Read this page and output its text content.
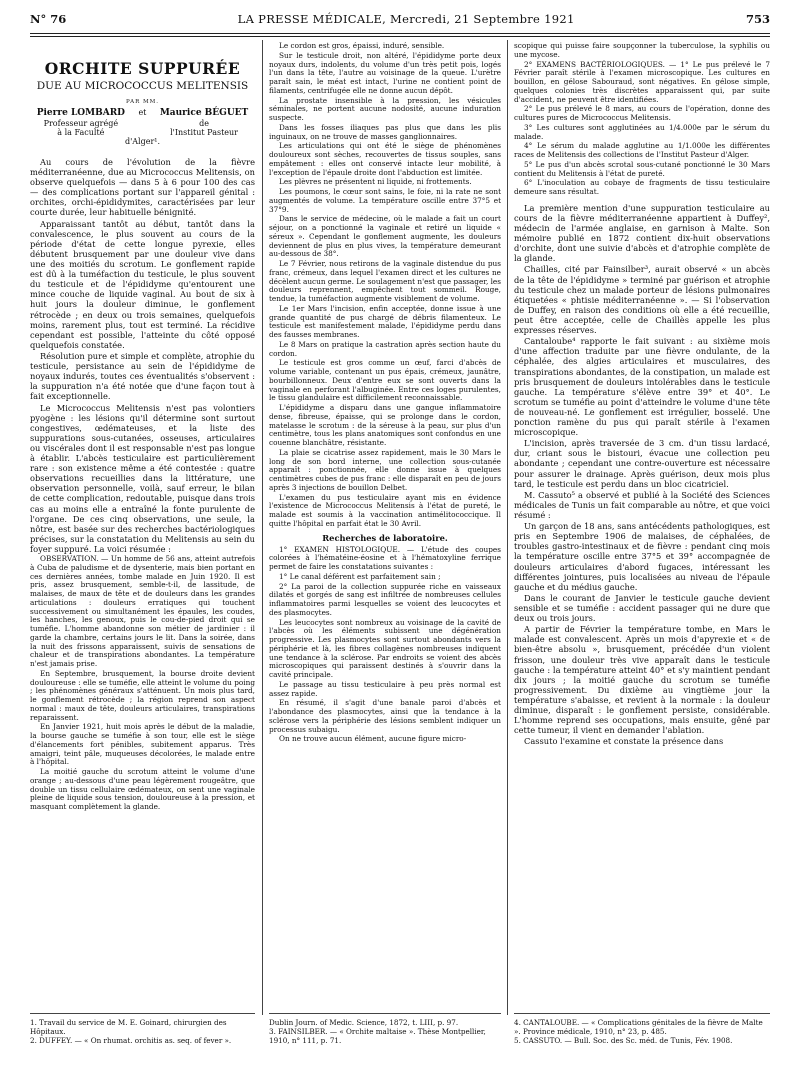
N° 76	LA PRESSE MÉDICALE, Mercredi, 21 Septembre 1921	753
ORCHITE SUPPURÉE
DUE AU MICROCOCCUS MELITENSIS
PAR MM.
Pierre LOMBARD
Professeur agrégé
à la Faculté
et Maurice BÉGUET
de
l'Institut Pasteur
d'Alger¹.

Au cours de l'évolution de la fièvre méditerranéenne, due au Micrococcus Melitensis, on observe quelquefois — dans 5 à 6 pour 100 des cas — des complications portant sur l'appareil génital : orchites, orchi-épididymites, caractérisées par leur courte durée, leur habituelle bénignité.

Apparaissant tantôt au début, tantôt dans la convalescence, le plus souvent au cours de la période d'état de cette longue pyrexie, elles débutent brusquement par une douleur vive dans une des moitiés du scrotum. Le gonflement rapide est dû à la tuméfaction du testicule, le plus souvent du testicule et de l'épididyme qu'entourent une mince couche de liquide vaginal. Au bout de six à huit jours la douleur diminue, le gonflement rétrocède ; en deux ou trois semaines, quelquefois moins, rarement plus, tout est terminé. La récidive cependant est possible, l'atteinte du côté opposé quelquefois constatée.

Résolution pure et simple et complète, atrophie du testicule, persistance au sein de l'épididyme de noyaux indurés, toutes ces éventualités s'observent : la suppuration n'a été notée que d'une façon tout à fait exceptionnelle.

Le Micrococcus Melitensis n'est pas volontiers pyogène : les lésions qu'il détermine sont surtout congestives, œdémateuses, et la liste des suppurations sous-cutanées, osseuses, articulaires ou viscérales dont il est responsable n'est pas longue à établir. L'abcès testiculaire est particulièrement rare : son existence même a été contestée : quatre observations recueillies dans la littérature, une observation personnelle, voilà, sauf erreur, le bilan de cette complication, redoutable, puisque dans trois cas au moins elle a entraîné la fonte purulente de l'organe. De ces cinq observations, une seule, la nôtre, est basée sur des recherches bactériologiques précises, sur la constatation du Melitensis au sein du foyer suppuré. La voici résumée :

OBSERVATION. — Un homme de 56 ans, atteint autrefois à Cuba de paludisme et de dysenterie, mais bien portant en ces dernières années, tombe malade en Juin 1920. Il est pris, assez brusquement, semble-t-il, de lassitude, de malaises, de maux de tête et de douleurs dans les grandes articulations : douleurs erratiques qui touchent successivement ou simultanément les épaules, les coudes, les hanches, les genoux, puis le cou-de-pied droit qui se tuméfie. L'homme abandonne son métier de jardinier : il garde la chambre, certains jours le lit. Dans la soirée, dans la nuit des frissons apparaissent, suivis de sensations de chaleur et de transpirations abondantes. La température n'est jamais prise.

En Septembre, brusquement, la bourse droite devient douloureuse : elle se tuméfie, elle atteint le volume du poing ; les phénomènes généraux s'atténuent. Un mois plus tard, le gonflement rétrocède ; la région reprend son aspect normal : maux de tête, douleurs articulaires, transpirations reparaissent.

En Janvier 1921, huit mois après le début de la maladie, la bourse gauche se tuméfie à son tour, elle est le siège d'élancements fort pénibles, subitement apparus. Très amaigri, teint pâle, muqueuses décolorées, le malade entre à l'hôpital.

La moitié gauche du scrotum atteint le volume d'une orange ; au-dessous d'une peau légèrement rougeâtre, que double un tissu cellulaire œdémateux, on sent une vaginale pleine de liquide sous tension, douloureuse à la pression, et masquant complètement la glande.

Le cordon est gros, épaissi, induré, sensible.

Sur le testicule droit, non altéré, l'épididyme porte deux noyaux durs, indolents, du volume d'un très petit pois, logés l'un dans la tête, l'autre au voisinage de la queue. L'urètre paraît sain, le méat est intact, l'urine ne contient point de filaments, centrifugée elle ne donne aucun dépôt.

La prostate insensible à la pression, les vésicules séminales, ne portent aucune nodosité, aucune induration suspecte.

Dans les fosses iliaques pas plus que dans les plis inguinaux, on ne trouve de masses ganglionnaires.

Les articulations qui ont été le siège de phénomènes douloureux sont sèches, recouvertes de tissus souples, sans empâtement : elles ont conservé intacte leur mobilité, à l'exception de l'épaule droite dont l'abduction est limitée.

Les plèvres ne présentent ni liquide, ni frottements.

Les poumons, le cœur sont sains, le foie, ni la rate ne sont augmentés de volume. La température oscille entre 37°5 et 37°9.

Dans le service de médecine, où le malade a fait un court séjour, on a ponctionné la vaginale et retiré un liquide « séreux ». Cependant le gonflement augmente, les douleurs deviennent de plus en plus vives, la température demeurant au-dessous de 38°.

Le 7 Février, nous retirons de la vaginale distendue du pus franc, crémeux, dans lequel l'examen direct et les cultures ne décèlent aucun germe. Le soulagement n'est que passager, les douleurs reprennent, empêchent tout sommeil. Rouge, tendue, la tuméfaction augmente visiblement de volume.

Le 1er Mars l'incision, enfin acceptée, donne issue à une grande quantité de pus chargé de débris filamenteux. Le testicule est manifestement malade, l'épididyme perdu dans des fausses membranes.

Le 8 Mars on pratique la castration après section haute du cordon.

Le testicule est gros comme un œuf, farci d'abcès de volume variable, contenant un pus épais, crémeux, jaunâtre, bourbillonneux. Deux d'entre eux se sont ouverts dans la vaginale en perforant l'albuginée. Entre ces loges purulentes, le tissu glandulaire est difficilement reconnaissable.

L'épididyme a disparu dans une gangue inflammatoire dense, fibreuse, épaisse, qui se prolonge dans le cordon, matelasse le scrotum : de la séreuse à la peau, sur plus d'un centimètre, tous les plans anatomiques sont confondus en une couenne blanchâtre, résistante.

La plaie se cicatrise assez rapidement, mais le 30 Mars le long de son bord interne, une collection sous-cutanée apparaît : ponctionnée, elle donne issue à quelques centimètres cubes de pus franc : elle disparaît en peu de jours après 3 injections de bouillon Delbet.

L'examen du pus testiculaire ayant mis en évidence l'existence de Micrococcus Melitensis à l'état de pureté, le malade est soumis à la vaccination antimélitococcique. Il quitte l'hôpital en parfait état le 30 Avril.

Recherches de laboratoire.

1° EXAMEN HISTOLOGIQUE. — L'étude des coupes colorées à l'hématéine-éosine et à l'hématoxyline ferrique permet de faire les constatations suivantes :

1° Le canal déférent est parfaitement sain ;

2° La paroi de la collection suppurée riche en vaisseaux dilatés et gorgés de sang est infiltrée de nombreuses cellules inflammatoires parmi lesquelles se voient des leucocytes et des plasmocytes.

Les leucocytes sont nombreux au voisinage de la cavité de l'abcès où les éléments subissent une dégénération progressive. Les plasmocytes sont surtout abondants vers la périphérie et là, les fibres collagènes nombreuses indiquent une tendance à la sclérose. Par endroits se voient des abcès microscopiques qui paraissent destinés à s'ouvrir dans la cavité principale.

Le passage au tissu testiculaire à peu près normal est assez rapide.

En résumé, il s'agit d'une banale paroi d'abcès et l'abondance des plasmocytes, ainsi que la tendance à la sclérose vers la périphérie des lésions semblent indiquer un processus subaigu.

On ne trouve aucun élément, aucune figure micro-

scopique qui puisse faire soupçonner la tuberculose, la syphilis ou une mycose.

2° EXAMENS BACTÉRIOLOGIQUES. — 1° Le pus prélevé le 7 Février paraît stérile à l'examen microscopique. Les cultures en bouillon, en gélose Sabouraud, sont négatives. En gélose simple, quelques colonies très discrètes apparaissent qui, par suite d'accident, ne peuvent être identifiées.

2° Le pus prélevé le 8 mars, au cours de l'opération, donne des cultures pures de Micrococcus Melitensis.

3° Les cultures sont agglutinées au 1/4.000e par le sérum du malade.

4° Le sérum du malade agglutine au 1/1.000e les différentes races de Melitensis des collections de l'Institut Pasteur d'Alger.

5° Le pus d'un abcès scrotal sous-cutané ponctionné le 30 Mars contient du Melitensis à l'état de pureté.

6° L'inoculation au cobaye de fragments de tissu testiculaire demeure sans résultat.

La première mention d'une suppuration testiculaire au cours de la fièvre méditerranéenne appartient à Duffey², médecin de l'armée anglaise, en garnison à Malte. Son mémoire publié en 1872 contient dix-huit observations d'orchite, dont une suivie d'abcès et d'atrophie complète de la glande.

Chailles, cité par Fainsilber³, aurait observé « un abcès de la tête de l'épididyme » terminé par guérison et atrophie du testicule chez un malade porteur de lésions pulmonaires étiquetées « phtisie méditerranéenne ». — Si l'observation de Duffey, en raison des conditions où elle a été recueillie, peut être acceptée, celle de Chaillès appelle les plus expresses réserves.

Cantaloube⁴ rapporte le fait suivant : au sixième mois d'une affection traduite par une fièvre ondulante, de la céphalée, des algies articulaires et musculaires, des transpirations abondantes, de la constipation, un malade est pris brusquement de douleurs intolérables dans le testicule gauche. La température s'élève entre 39° et 40°. Le scrotum se tuméfie au point d'atteindre le volume d'une tête de nouveau-né. Le gonflement est irrégulier, bosselé. Une ponction ramène du pus qui paraît stérile à l'examen microscopique.

L'incision, après traversée de 3 cm. d'un tissu lardacé, dur, criant sous le bistouri, évacue une collection peu abondante ; cependant une contre-ouverture est nécessaire pour assurer le drainage. Après guérison, deux mois plus tard, le testicule est perdu dans un bloc cicatriciel.

M. Cassuto⁵ a observé et publié à la Société des Sciences médicales de Tunis un fait comparable au nôtre, et que voici résumé :

Un garçon de 18 ans, sans antécédents pathologiques, est pris en Septembre 1906 de malaises, de céphalées, de troubles gastro-intestinaux et de fièvre : pendant cinq mois la température oscille entre 37°5 et 39° accompagnée de douleurs articulaires d'abord fugaces, intéressant les différentes jointures, puis localisées au niveau de l'épaule gauche et du médius gauche.

Dans le courant de Janvier le testicule gauche devient sensible et se tuméfie : accident passager qui ne dure que deux ou trois jours.

A partir de Février la température tombe, en Mars le malade est convalescent. Après un mois d'apyrexie et « de bien-être absolu », brusquement, précédée d'un violent frisson, une douleur très vive apparaît dans le testicule gauche : la température atteint 40° et s'y maintient pendant dix jours ; la moitié gauche du scrotum se tuméfie progressivement. Du dixième au vingtième jour la température s'abaisse, et revient à la normale : la douleur diminue, disparaît : le gonflement persiste, considérable. L'homme reprend ses occupations, mais ensuite, gêné par cette tumeur, il vient en demander l'ablation.

Cassuto l'examine et constate la présence dans

1. Travail du service de M. E. Goinard, chirurgien des Hôpitaux.
2. DUFFEY. — « On rhumat. orchitis as. seq. of fever ».
Dublin Journ. of Medic. Science, 1872, t. LIII, p. 97.
3. FAINSILBER. — « Orchite maltaise ». Thèse Montpellier, 1910, n° 111, p. 71.
4. CANTALOUBE. — « Complications génitales de la fièvre de Malte ». Province médicale, 1910, n° 23, p. 485.
5. CASSUTO. — Bull. Soc. des Sc. méd. de Tunis, Fév. 1908.
